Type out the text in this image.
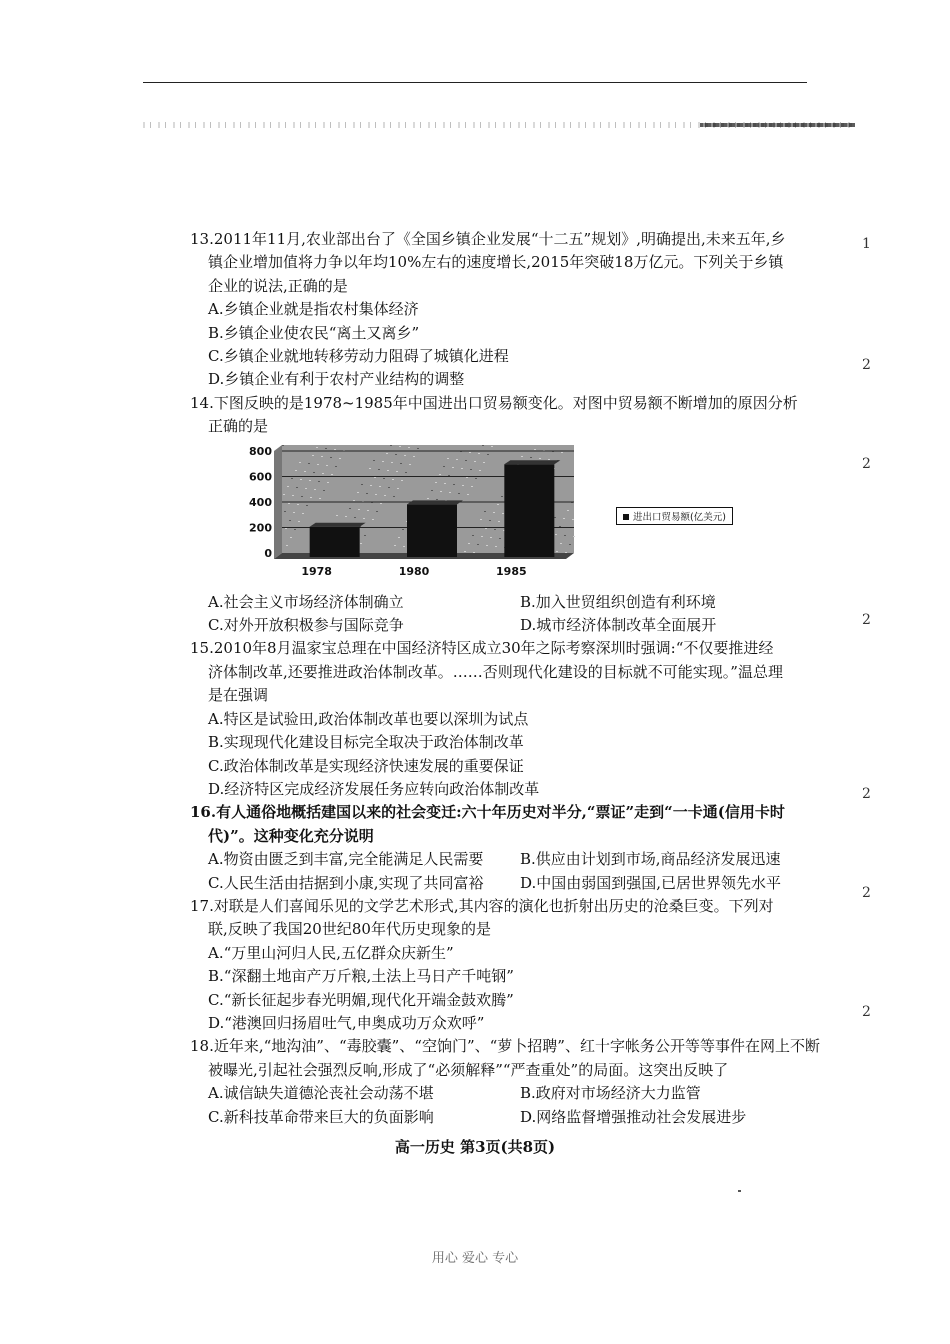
1
2
2
2
2
2
2
13.2011年11月,农业部出台了《全国乡镇企业发展“十二五”规划》,明确提出,未来五年,乡
镇企业增加值将力争以年均10%左右的速度增长,2015年突破18万亿元。下列关于乡镇
企业的说法,正确的是
A.乡镇企业就是指农村集体经济
B.乡镇企业使农民“离土又离乡”
C.乡镇企业就地转移劳动力阻碍了城镇化进程
D.乡镇企业有利于农村产业结构的调整
14.下图反映的是1978~1985年中国进出口贸易额变化。对图中贸易额不断增加的原因分析
正确的是
0
200
400
600
800
1978	1980	1985
进出口贸易额(亿美元)
A.社会主义市场经济体制确立	B.加入世贸组织创造有利环境
C.对外开放积极参与国际竞争	D.城市经济体制改革全面展开
15.2010年8月温家宝总理在中国经济特区成立30年之际考察深圳时强调:“不仅要推进经
济体制改革,还要推进政治体制改革。……否则现代化建设的目标就不可能实现。”温总理
是在强调
A.特区是试验田,政治体制改革也要以深圳为试点
B.实现现代化建设目标完全取决于政治体制改革
C.政治体制改革是实现经济快速发展的重要保证
D.经济特区完成经济发展任务应转向政治体制改革
16.有人通俗地概括建国以来的社会变迁:六十年历史对半分,“票证”走到“一卡通(信用卡时
代)”。这种变化充分说明
A.物资由匮乏到丰富,完全能满足人民需要	B.供应由计划到市场,商品经济发展迅速
C.人民生活由拮据到小康,实现了共同富裕	D.中国由弱国到强国,已居世界领先水平
17.对联是人们喜闻乐见的文学艺术形式,其内容的演化也折射出历史的沧桑巨变。下列对
联,反映了我国20世纪80年代历史现象的是
A.“万里山河归人民,五亿群众庆新生”
B.“深翻土地亩产万斤粮,土法上马日产千吨钢”
C.“新长征起步春光明媚,现代化开端金鼓欢腾”
D.“港澳回归扬眉吐气,申奥成功万众欢呼”
18.近年来,“地沟油”、“毒胶囊”、“空饷门”、“萝卜招聘”、红十字帐务公开等等事件在网上不断
被曝光,引起社会强烈反响,形成了“必须解释”“严查重处”的局面。这突出反映了
A.诚信缺失道德沦丧社会动荡不堪	B.政府对市场经济大力监管
C.新科技革命带来巨大的负面影响	D.网络监督增强推动社会发展进步
高一历史 第3页(共8页)
用心 爱心 专心
